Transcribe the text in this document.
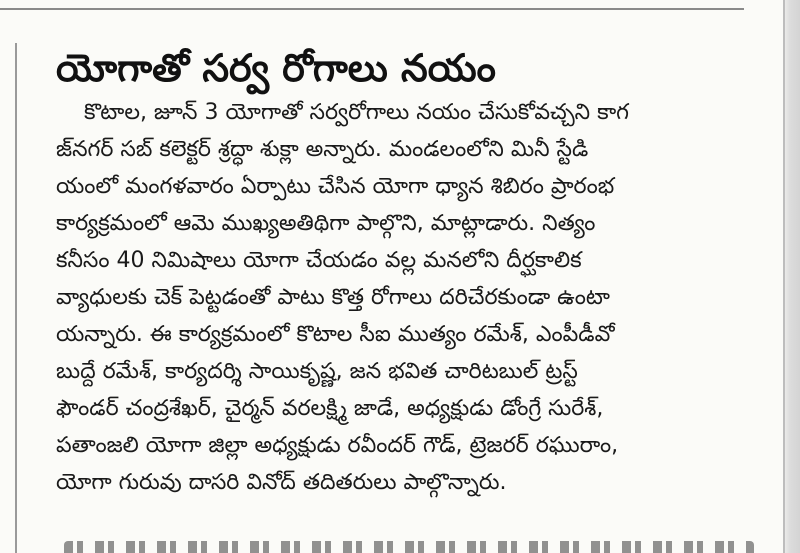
యోగాతో సర్వ రోగాలు నయం
కొటాల, జూన్ 3 యోగాతో సర్వరోగాలు నయం చేసుకోవచ్చని కాగ
జ్‌నగర్ సబ్ కలెక్టర్ శ్రద్ధా శుక్లా అన్నారు. మండలంలోని మినీ స్టేడి
యంలో మంగళవారం ఏర్పాటు చేసిన యోగా ధ్యాన శిబిరం ప్రారంభ
కార్యక్రమంలో ఆమె ముఖ్యఅతిథిగా పాల్గొని, మాట్లాడారు. నిత్యం
కనీసం 40 నిమిషాలు యోగా చేయడం వల్ల మనలోని దీర్ఘకాలిక
వ్యాధులకు చెక్ పెట్టడంతో పాటు కొత్త రోగాలు దరిచేరకుండా ఉంటా
యన్నారు. ఈ కార్యక్రమంలో కొటాల సీఐ ముత్యం రమేశ్, ఎంపీడీవో
బుద్దే రమేశ్, కార్యదర్శి సాయికృష్ణ, జన భవిత చారిటబుల్ ట్రస్ట్
ఫౌండర్ చంద్రశేఖర్, చైర్మన్ వరలక్ష్మి జాడే, అధ్యక్షుడు డోంగ్రే సురేశ్,
పతాంజలి యోగా జిల్లా అధ్యక్షుడు రవీందర్ గౌడ్, ట్రెజరర్ రఘురాం,
యోగా గురువు దాసరి వినోద్ తదితరులు పాల్గొన్నారు.
